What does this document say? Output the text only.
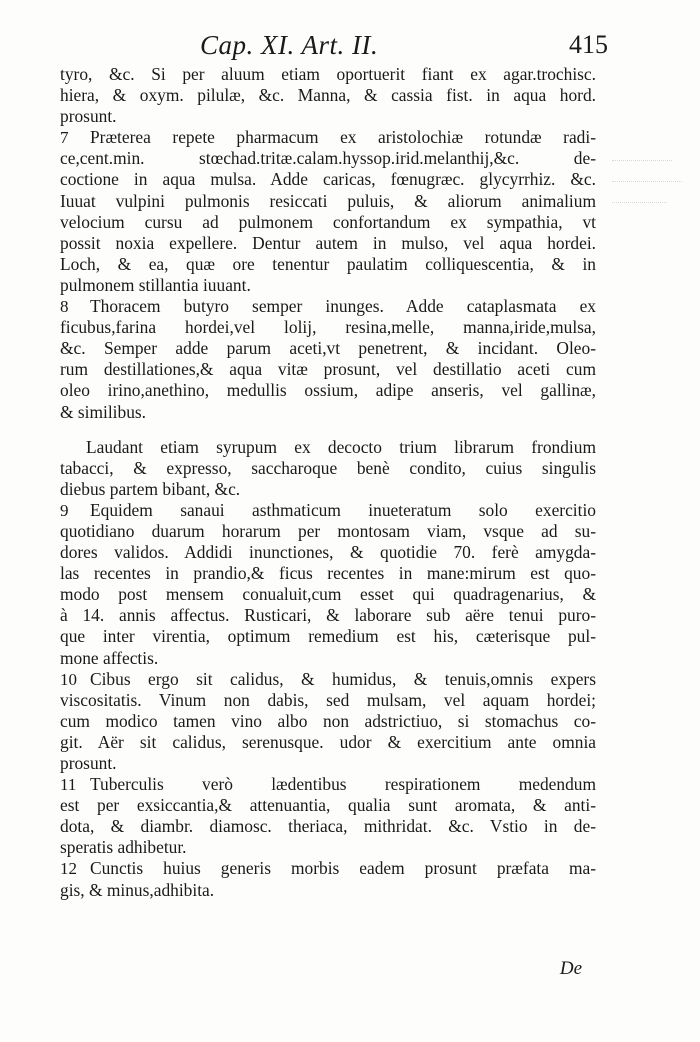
Cap. XI. Art. II.	415
tyro, &c. Si per aluum etiam oportuerit fiant ex agar.trochisc.
hiera, & oxym. pilulæ, &c. Manna, & cassia fist. in aqua hord.
prosunt.
7 Præterea repete pharmacum ex aristolochiæ rotundæ radi-
ce,cent.min. stœchad.tritæ.calam.hyssop.irid.melanthij,&c. de-
coctione in aqua mulsa. Adde caricas, fœnugræc. glycyrrhiz. &c.
Iuuat vulpini pulmonis resiccati puluis, & aliorum animalium
velocium cursu ad pulmonem confortandum ex sympathia, vt
possit noxia expellere. Dentur autem in mulso, vel aqua hordei.
Loch, & ea, quæ ore tenentur paulatim colliquescentia, & in
pulmonem stillantia iuuant.
8 Thoracem butyro semper inunges. Adde cataplasmata ex
ficubus,farina hordei,vel lolij, resina,melle, manna,iride,mulsa,
&c. Semper adde parum aceti,vt penetrent, & incidant. Oleo-
rum destillationes,& aqua vitæ prosunt, vel destillatio aceti cum
oleo irino,anethino, medullis ossium, adipe anseris, vel gallinæ,
& similibus.
Laudant etiam syrupum ex decocto trium librarum frondium
tabacci, & expresso, saccharoque benè condito, cuius singulis
diebus partem bibant, &c.
9 Equidem sanaui asthmaticum inueteratum solo exercitio
quotidiano duarum horarum per montosam viam, vsque ad su-
dores validos. Addidi inunctiones, & quotidie 70. ferè amygda-
las recentes in prandio,& ficus recentes in mane:mirum est quo-
modo post mensem conualuit,cum esset qui quadragenarius, &
à 14. annis affectus. Rusticari, & laborare sub aëre tenui puro-
que inter virentia, optimum remedium est his, cæterisque pul-
mone affectis.
10 Cibus ergo sit calidus, & humidus, & tenuis,omnis expers
viscositatis. Vinum non dabis, sed mulsam, vel aquam hordei;
cum modico tamen vino albo non adstrictiuo, si stomachus co-
git. Aër sit calidus, serenusque. udor & exercitium ante omnia
prosunt.
11 Tuberculis verò lædentibus respirationem medendum
est per exsiccantia,& attenuantia, qualia sunt aromata, & anti-
dota, & diambr. diamosc. theriaca, mithridat. &c. Vstio in de-
speratis adhibetur.
12 Cunctis huius generis morbis eadem prosunt præfata ma-
gis, & minus,adhibita.
De
